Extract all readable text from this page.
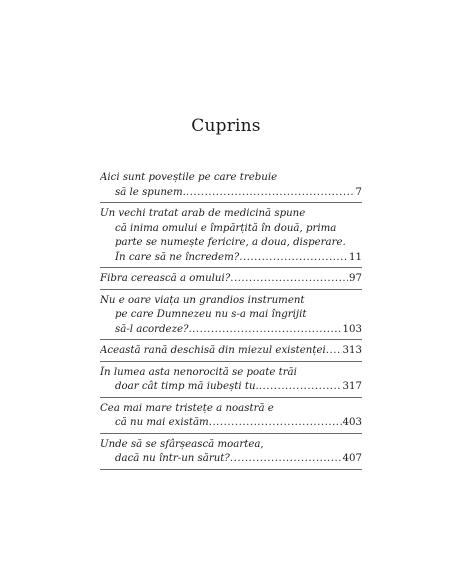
Cuprins
Aici sunt poveștile pe care trebuie
să le spunem. .....	7
Un vechi tratat arab de medicină spune
că inima omului e împărțită în două, prima
parte se numește fericire, a doua, disperare.
În care să ne încredem? .....	11
Fibra cerească a omului? .....	97
Nu e oare viața un grandios instrument
pe care Dumnezeu nu s-a mai îngrijit
să-l acordeze? .....	103
Această rană deschisă din miezul existenței ..... 313
În lumea asta nenorocită se poate trăi
doar cât timp mă iubești tu. .....	317
Cea mai mare tristețe a noastră e
că nu mai existăm .....	403
Unde să se sfârșească moartea,
dacă nu într-un sărut? .....	407
